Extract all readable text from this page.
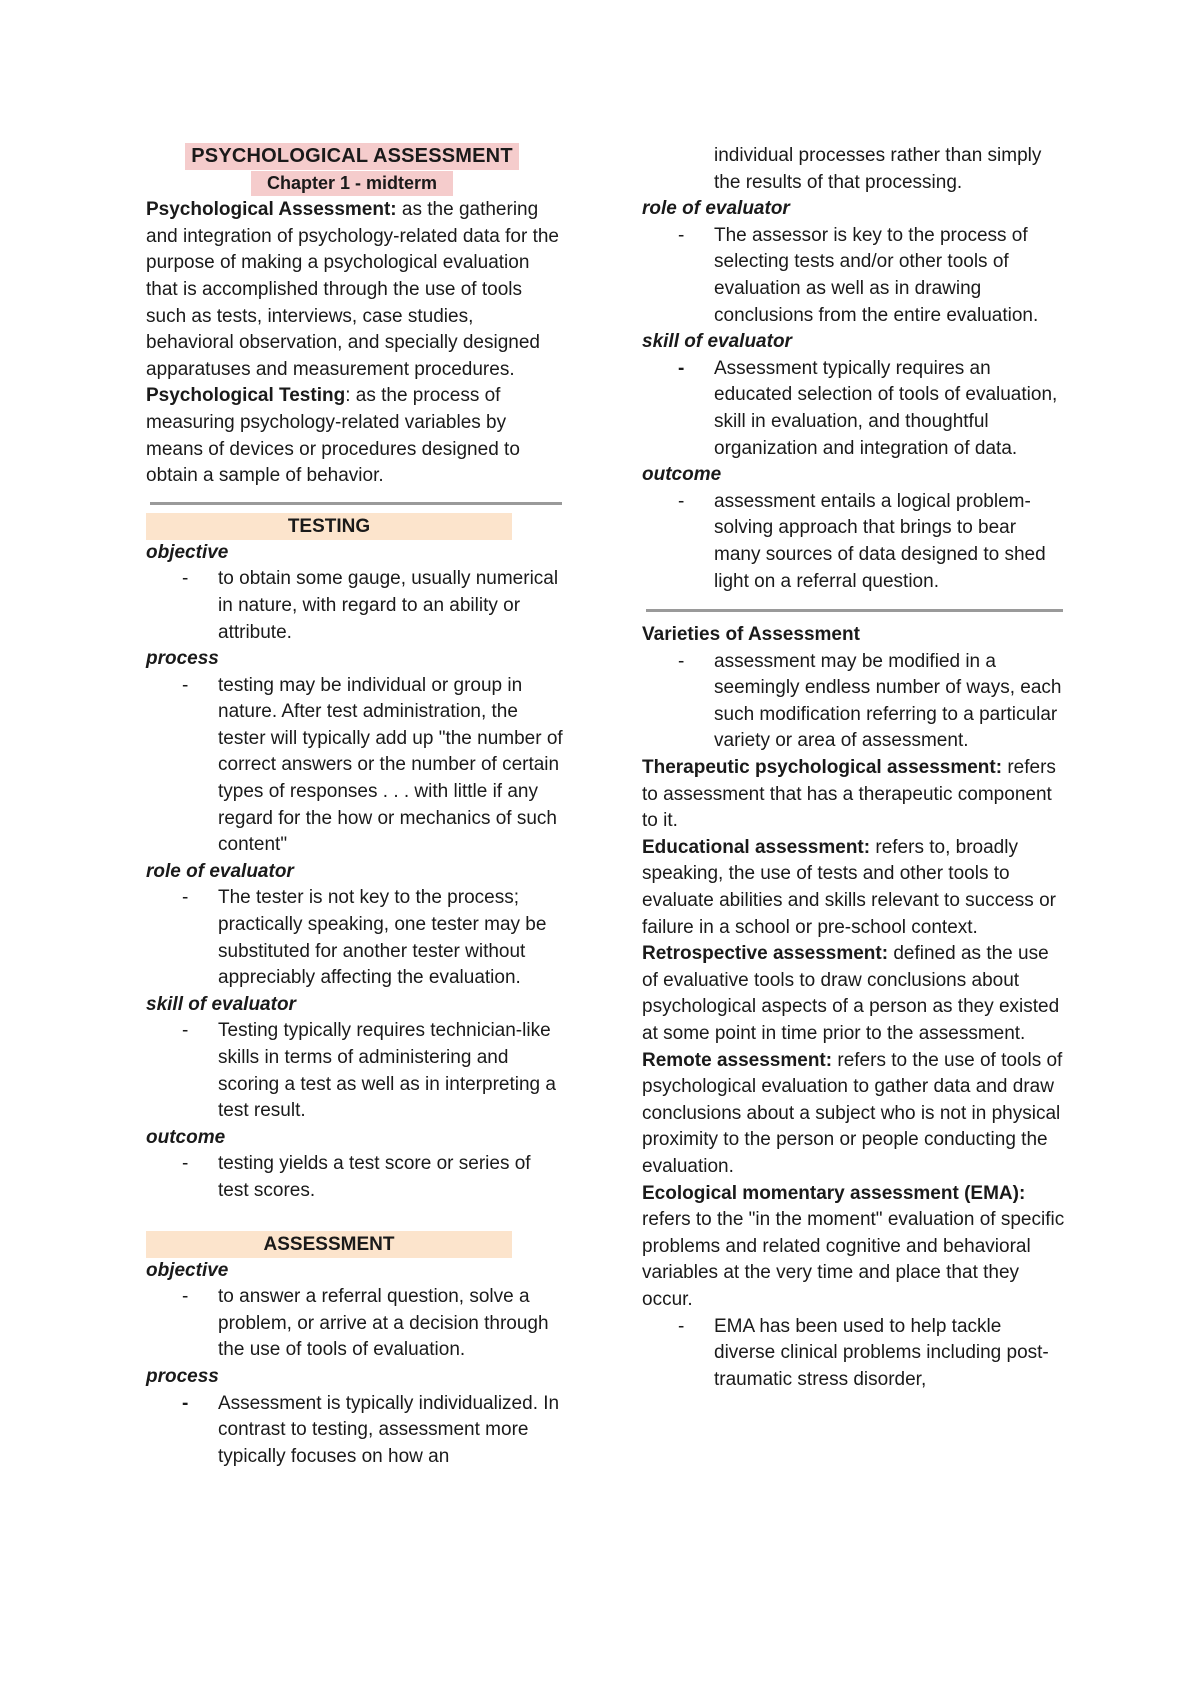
PSYCHOLOGICAL ASSESSMENT
Chapter 1 - midterm

Psychological Assessment: as the gathering and integration of psychology-related data for the purpose of making a psychological evaluation that is accomplished through the use of tools such as tests, interviews, case studies, behavioral observation, and specially designed apparatuses and measurement procedures.

Psychological Testing: as the process of measuring psychology-related variables by means of devices or procedures designed to obtain a sample of behavior.

TESTING

objective

- to obtain some gauge, usually numerical in nature, with regard to an ability or attribute.

process

- testing may be individual or group in nature. After test administration, the tester will typically add up "the number of correct answers or the number of certain types of responses . . . with little if any regard for the how or mechanics of such content"

role of evaluator

- The tester is not key to the process; practically speaking, one tester may be substituted for another tester without appreciably affecting the evaluation.

skill of evaluator

- Testing typically requires technician-like skills in terms of administering and scoring a test as well as in interpreting a test result.

outcome

- testing yields a test score or series of test scores.

ASSESSMENT

objective

- to answer a referral question, solve a problem, or arrive at a decision through the use of tools of evaluation.

process

- Assessment is typically individualized. In contrast to testing, assessment more typically focuses on how an

individual processes rather than simply the results of that processing.

role of evaluator

- The assessor is key to the process of selecting tests and/or other tools of evaluation as well as in drawing conclusions from the entire evaluation.

skill of evaluator

- Assessment typically requires an educated selection of tools of evaluation, skill in evaluation, and thoughtful organization and integration of data.

outcome

- assessment entails a logical problem-solving approach that brings to bear many sources of data designed to shed light on a referral question.

Varieties of Assessment

- assessment may be modified in a seemingly endless number of ways, each such modification referring to a particular variety or area of assessment.

Therapeutic psychological assessment: refers to assessment that has a therapeutic component to it.

Educational assessment: refers to, broadly speaking, the use of tests and other tools to evaluate abilities and skills relevant to success or failure in a school or pre-school context.

Retrospective assessment: defined as the use of evaluative tools to draw conclusions about psychological aspects of a person as they existed at some point in time prior to the assessment.

Remote assessment: refers to the use of tools of psychological evaluation to gather data and draw conclusions about a subject who is not in physical proximity to the person or people conducting the evaluation.

Ecological momentary assessment (EMA): refers to the "in the moment" evaluation of specific problems and related cognitive and behavioral variables at the very time and place that they occur.

- EMA has been used to help tackle diverse clinical problems including post-traumatic stress disorder,
